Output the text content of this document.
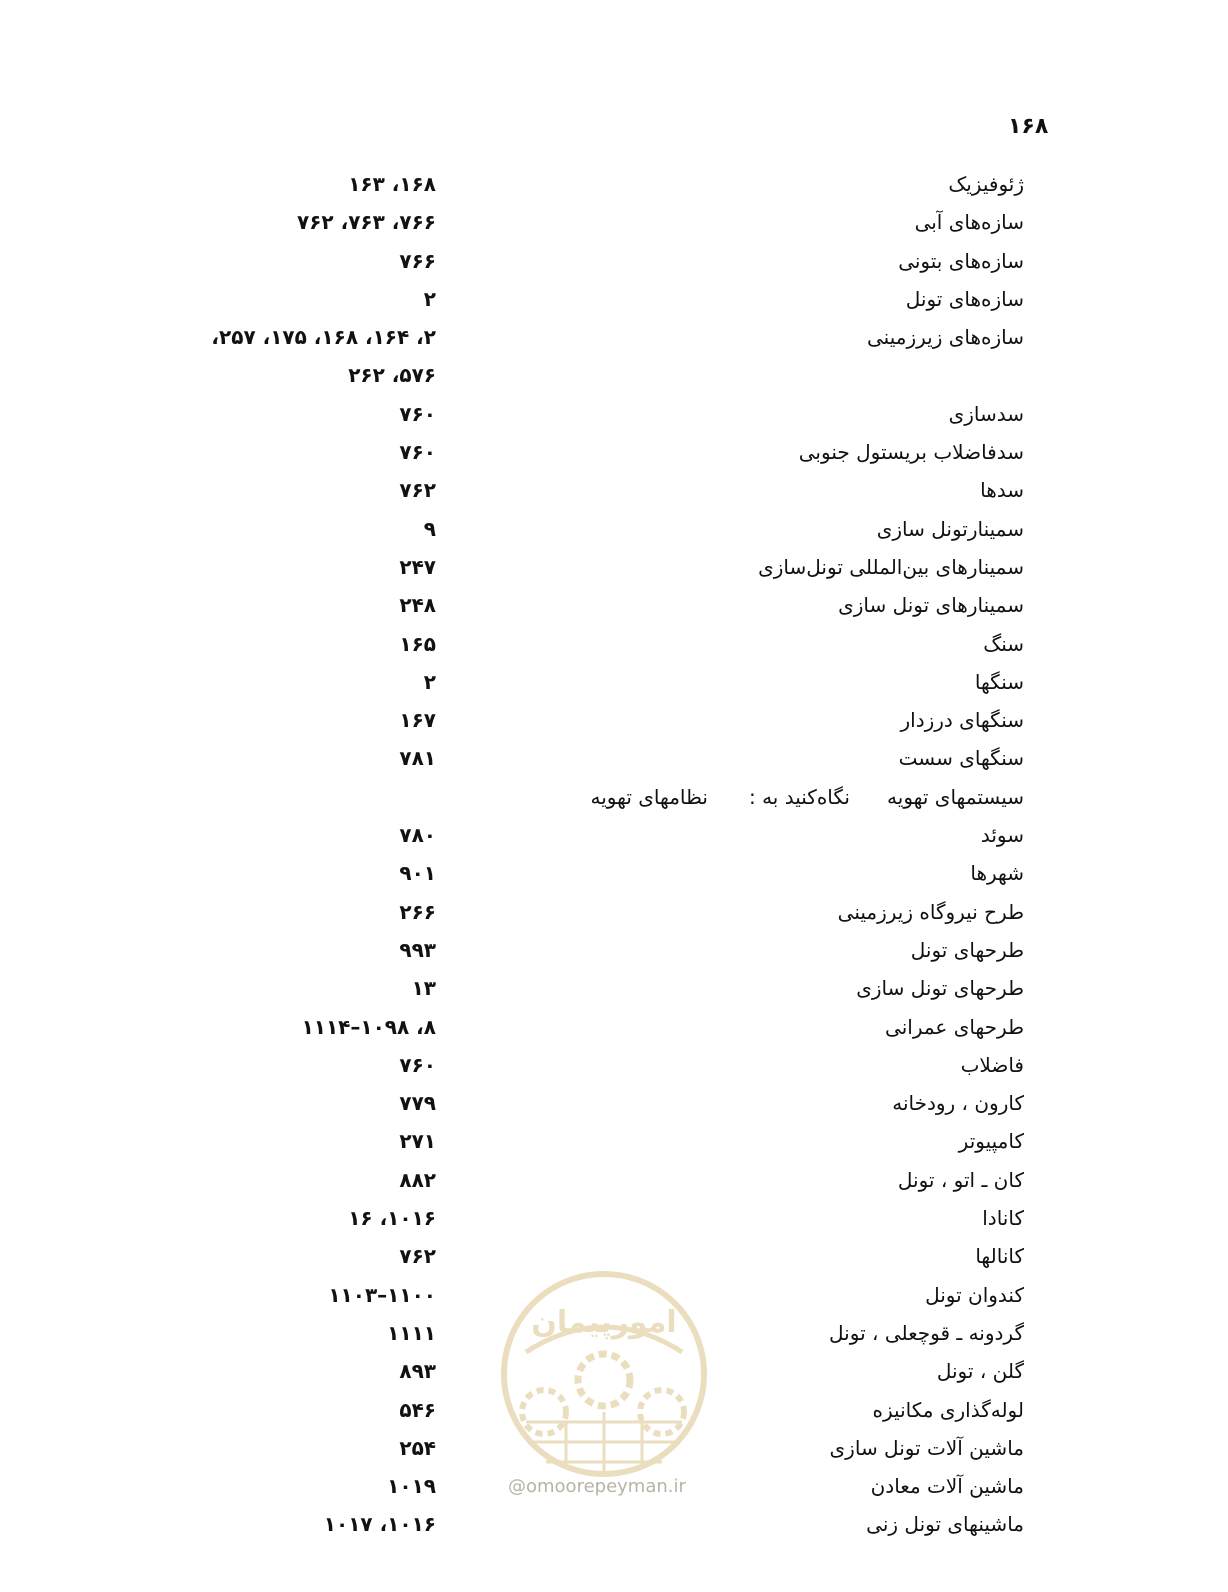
۱۶۸
ژئوفیزیک
۱۶۸، ۱۶۳
سازه‌های آبی
۷۶۶، ۷۶۳، ۷۶۲
سازه‌های بتونی
۷۶۶
سازه‌های تونل
۲
سازه‌های زیرزمینی
۲، ۱۶۴، ۱۶۸، ۱۷۵، ۲۵۷،
۵۷۶، ۲۶۲
سدسازی
۷۶۰
سدفاضلاب بریستول جنوبی
۷۶۰
سدها
۷۶۲
سمینارتونل سازی
۹
سمینارهای بین‌المللی تونل‌سازی
۲۴۷
سمینارهای تونل سازی
۲۴۸
سنگ
۱۶۵
سنگها
۲
سنگهای درزدار
۱۶۷
سنگهای سست
۷۸۱
سیستمهای تهویه
نگاه‌کنید به :
نظامهای تهویه
سوئد
۷۸۰
شهرها
۹۰۱
طرح نیروگاه زیرزمینی
۲۶۶
طرحهای تونل
۹۹۳
طرحهای تونل سازی
۱۳
طرحهای عمرانی
۸، ۱۰۹۸–۱۱۱۴
فاضلاب
۷۶۰
کارون ، رودخانه
۷۷۹
کامپیوتر
۲۷۱
کان ـ اتو ، تونل
۸۸۲
کانادا
۱۰۱۶، ۱۶
کانالها
۷۶۲
کندوان تونل
۱۱۰۰–۱۱۰۳
گردونه ـ قوچعلی ، تونل
۱۱۱۱
گلن ، تونل
۸۹۳
لوله‌گذاری مکانیزه
۵۴۶
ماشین آلات تونل سازی
۲۵۴
ماشین آلات معادن
۱۰۱۹
ماشینهای تونل زنی
۱۰۱۶، ۱۰۱۷
امورپیمان
@omoorepeyman.ir
